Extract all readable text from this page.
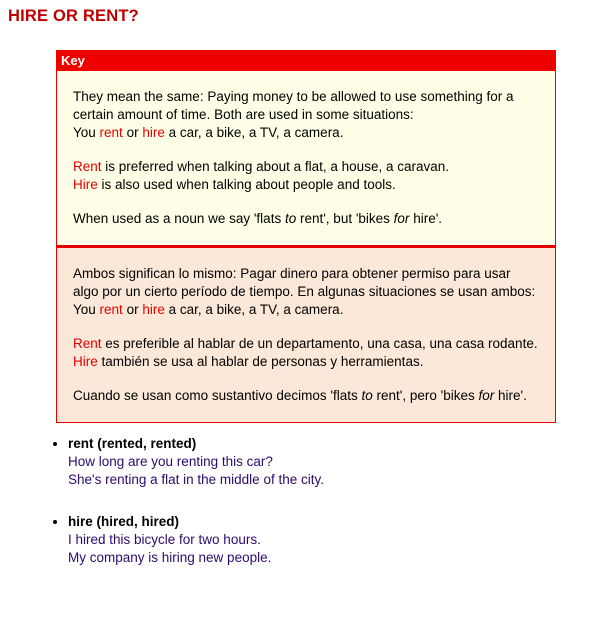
HIRE OR RENT?
Key
They mean the same: Paying money to be allowed to use something for a certain amount of time. Both are used in some situations:
You rent or hire a car, a bike, a TV, a camera.
Rent is preferred when talking about a flat, a house, a caravan.
Hire is also used when talking about people and tools.
When used as a noun we say 'flats to rent', but 'bikes for hire'.
Ambos significan lo mismo: Pagar dinero para obtener permiso para usar algo por un cierto período de tiempo. En algunas situaciones se usan ambos:
You rent or hire a car, a bike, a TV, a camera.
Rent es preferible al hablar de un departamento, una casa, una casa rodante.
Hire también se usa al hablar de personas y herramientas.
Cuando se usan como sustantivo decimos 'flats to rent', pero 'bikes for hire'.
• rent (rented, rented)
How long are you renting this car?
She's renting a flat in the middle of the city.
• hire (hired, hired)
I hired this bicycle for two hours.
My company is hiring new people.
